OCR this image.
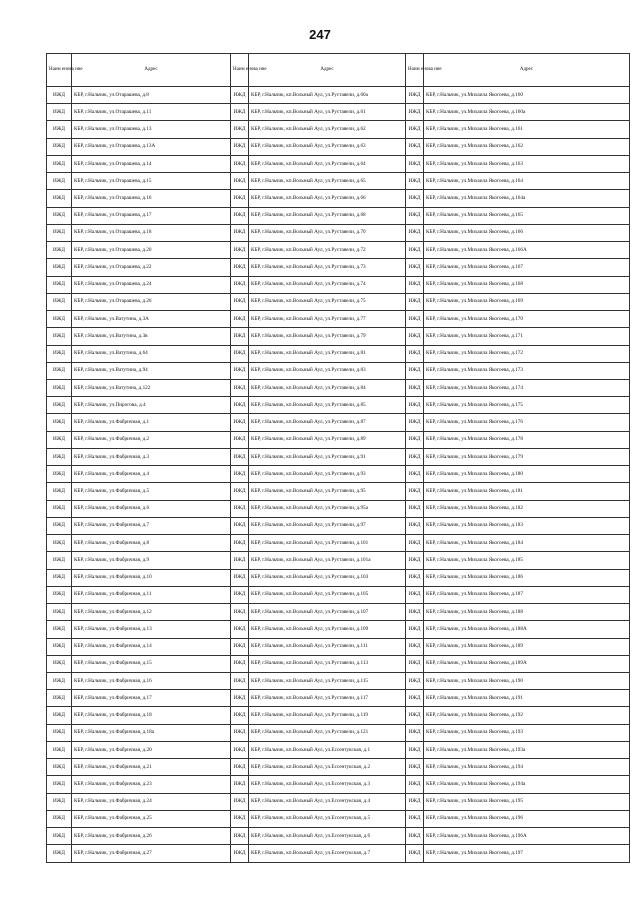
247
Наим енова ние	Адрес	Наим енова ние	Адрес	Наим енова ние	Адрес
ИЖД	КБР, г.Нальчик, ул.Отарашева, д.8	ИЖД	КБР, г.Нальчик, кп.Вольный Аул, ул.Руставели, д.60а	ИЖД	КБР, г.Нальчик, ул.Михаила Якогоева, д.160
ИЖД	КБР, г.Нальчик, ул.Отарашева, д.11	ИЖД	КБР, г.Нальчик, кп.Вольный Аул, ул.Руставели, д.61	ИЖД	КБР, г.Нальчик, ул.Михаила Якогоева, д.160а
ИЖД	КБР, г.Нальчик, ул.Отарашева, д.13	ИЖД	КБР, г.Нальчик, кп.Вольный Аул, ул.Руставели, д.62	ИЖД	КБР, г.Нальчик, ул.Михаила Якогоева, д.161
ИЖД	КБР, г.Нальчик, ул.Отарашева, д.13А	ИЖД	КБР, г.Нальчик, кп.Вольный Аул, ул.Руставели, д.63	ИЖД	КБР, г.Нальчик, ул.Михаила Якогоева, д.162
ИЖД	КБР, г.Нальчик, ул.Отарашева, д.14	ИЖД	КБР, г.Нальчик, кп.Вольный Аул, ул.Руставели, д.64	ИЖД	КБР, г.Нальчик, ул.Михаила Якогоева, д.163
ИЖД	КБР, г.Нальчик, ул.Отарашева, д.15	ИЖД	КБР, г.Нальчик, кп.Вольный Аул, ул.Руставели, д.65	ИЖД	КБР, г.Нальчик, ул.Михаила Якогоева, д.164
ИЖД	КБР, г.Нальчик, ул.Отарашева, д.16	ИЖД	КБР, г.Нальчик, кп.Вольный Аул, ул.Руставели, д.66	ИЖД	КБР, г.Нальчик, ул.Михаила Якогоева, д.164а
ИЖД	КБР, г.Нальчик, ул.Отарашева, д.17	ИЖД	КБР, г.Нальчик, кп.Вольный Аул, ул.Руставели, д.68	ИЖД	КБР, г.Нальчик, ул.Михаила Якогоева, д.165
ИЖД	КБР, г.Нальчик, ул.Отарашева, д.18	ИЖД	КБР, г.Нальчик, кп.Вольный Аул, ул.Руставели, д.70	ИЖД	КБР, г.Нальчик, ул.Михаила Якогоева, д.166
ИЖД	КБР, г.Нальчик, ул.Отарашева, д.20	ИЖД	КБР, г.Нальчик, кп.Вольный Аул, ул.Руставели, д.72	ИЖД	КБР, г.Нальчик, ул.Михаила Якогоева, д.166А
ИЖД	КБР, г.Нальчик, ул.Отарашева, д.22	ИЖД	КБР, г.Нальчик, кп.Вольный Аул, ул.Руставели, д.73	ИЖД	КБР, г.Нальчик, ул.Михаила Якогоева, д.167
ИЖД	КБР, г.Нальчик, ул.Отарашева, д.24	ИЖД	КБР, г.Нальчик, кп.Вольный Аул, ул.Руставели, д.74	ИЖД	КБР, г.Нальчик, ул.Михаила Якогоева, д.168
ИЖД	КБР, г.Нальчик, ул.Отарашева, д.26	ИЖД	КБР, г.Нальчик, кп.Вольный Аул, ул.Руставели, д.75	ИЖД	КБР, г.Нальчик, ул.Михаила Якогоева, д.169
ИЖД	КБР, г.Нальчик, ул.Ватутина, д.3А	ИЖД	КБР, г.Нальчик, кп.Вольный Аул, ул.Руставели, д.77	ИЖД	КБР, г.Нальчик, ул.Михаила Якогоева, д.170
ИЖД	КБР, г.Нальчик, ул.Ватутина, д.3в	ИЖД	КБР, г.Нальчик, кп.Вольный Аул, ул.Руставели, д.79	ИЖД	КБР, г.Нальчик, ул.Михаила Якогоева, д.171
ИЖД	КБР, г.Нальчик, ул.Ватутина, д.64	ИЖД	КБР, г.Нальчик, кп.Вольный Аул, ул.Руставели, д.81	ИЖД	КБР, г.Нальчик, ул.Михаила Якогоева, д.172
ИЖД	КБР, г.Нальчик, ул.Ватутина, д.94	ИЖД	КБР, г.Нальчик, кп.Вольный Аул, ул.Руставели, д.83	ИЖД	КБР, г.Нальчик, ул.Михаила Якогоева, д.173
ИЖД	КБР, г.Нальчик, ул.Ватутина, д.122	ИЖД	КБР, г.Нальчик, кп.Вольный Аул, ул.Руставели, д.84	ИЖД	КБР, г.Нальчик, ул.Михаила Якогоева, д.174
ИЖД	КБР, г.Нальчик, ул.Пирогова, д.4	ИЖД	КБР, г.Нальчик, кп.Вольный Аул, ул.Руставели, д.85	ИЖД	КБР, г.Нальчик, ул.Михаила Якогоева, д.175
ИЖД	КБР, г.Нальчик, ул.Фабричная, д.1	ИЖД	КБР, г.Нальчик, кп.Вольный Аул, ул.Руставели, д.87	ИЖД	КБР, г.Нальчик, ул.Михаила Якогоева, д.176
ИЖД	КБР, г.Нальчик, ул.Фабричная, д.2	ИЖД	КБР, г.Нальчик, кп.Вольный Аул, ул.Руставели, д.89	ИЖД	КБР, г.Нальчик, ул.Михаила Якогоева, д.178
ИЖД	КБР, г.Нальчик, ул.Фабричная, д.3	ИЖД	КБР, г.Нальчик, кп.Вольный Аул, ул.Руставели, д.91	ИЖД	КБР, г.Нальчик, ул.Михаила Якогоева, д.179
ИЖД	КБР, г.Нальчик, ул.Фабричная, д.4	ИЖД	КБР, г.Нальчик, кп.Вольный Аул, ул.Руставели, д.93	ИЖД	КБР, г.Нальчик, ул.Михаила Якогоева, д.180
ИЖД	КБР, г.Нальчик, ул.Фабричная, д.5	ИЖД	КБР, г.Нальчик, кп.Вольный Аул, ул.Руставели, д.95	ИЖД	КБР, г.Нальчик, ул.Михаила Якогоева, д.181
ИЖД	КБР, г.Нальчик, ул.Фабричная, д.6	ИЖД	КБР, г.Нальчик, кп.Вольный Аул, ул.Руставели, д.95а	ИЖД	КБР, г.Нальчик, ул.Михаила Якогоева, д.182
ИЖД	КБР, г.Нальчик, ул.Фабричная, д.7	ИЖД	КБР, г.Нальчик, кп.Вольный Аул, ул.Руставели, д.97	ИЖД	КБР, г.Нальчик, ул.Михаила Якогоева, д.183
ИЖД	КБР, г.Нальчик, ул.Фабричная, д.8	ИЖД	КБР, г.Нальчик, кп.Вольный Аул, ул.Руставели, д.101	ИЖД	КБР, г.Нальчик, ул.Михаила Якогоева, д.184
ИЖД	КБР, г.Нальчик, ул.Фабричная, д.9	ИЖД	КБР, г.Нальчик, кп.Вольный Аул, ул.Руставели, д.101а	ИЖД	КБР, г.Нальчик, ул.Михаила Якогоева, д.185
ИЖД	КБР, г.Нальчик, ул.Фабричная, д.10	ИЖД	КБР, г.Нальчик, кп.Вольный Аул, ул.Руставели, д.103	ИЖД	КБР, г.Нальчик, ул.Михаила Якогоева, д.186
ИЖД	КБР, г.Нальчик, ул.Фабричная, д.11	ИЖД	КБР, г.Нальчик, кп.Вольный Аул, ул.Руставели, д.105	ИЖД	КБР, г.Нальчик, ул.Михаила Якогоева, д.187
ИЖД	КБР, г.Нальчик, ул.Фабричная, д.12	ИЖД	КБР, г.Нальчик, кп.Вольный Аул, ул.Руставели, д.107	ИЖД	КБР, г.Нальчик, ул.Михаила Якогоева, д.188
ИЖД	КБР, г.Нальчик, ул.Фабричная, д.13	ИЖД	КБР, г.Нальчик, кп.Вольный Аул, ул.Руставели, д.109	ИЖД	КБР, г.Нальчик, ул.Михаила Якогоева, д.188А
ИЖД	КБР, г.Нальчик, ул.Фабричная, д.14	ИЖД	КБР, г.Нальчик, кп.Вольный Аул, ул.Руставели, д.111	ИЖД	КБР, г.Нальчик, ул.Михаила Якогоева, д.189
ИЖД	КБР, г.Нальчик, ул.Фабричная, д.15	ИЖД	КБР, г.Нальчик, кп.Вольный Аул, ул.Руставели, д.113	ИЖД	КБР, г.Нальчик, ул.Михаила Якогоева, д.189А
ИЖД	КБР, г.Нальчик, ул.Фабричная, д.16	ИЖД	КБР, г.Нальчик, кп.Вольный Аул, ул.Руставели, д.115	ИЖД	КБР, г.Нальчик, ул.Михаила Якогоева, д.190
ИЖД	КБР, г.Нальчик, ул.Фабричная, д.17	ИЖД	КБР, г.Нальчик, кп.Вольный Аул, ул.Руставели, д.117	ИЖД	КБР, г.Нальчик, ул.Михаила Якогоева, д.191
ИЖД	КБР, г.Нальчик, ул.Фабричная, д.18	ИЖД	КБР, г.Нальчик, кп.Вольный Аул, ул.Руставели, д.119	ИЖД	КБР, г.Нальчик, ул.Михаила Якогоева, д.192
ИЖД	КБР, г.Нальчик, ул.Фабричная, д.18а	ИЖД	КБР, г.Нальчик, кп.Вольный Аул, ул.Руставели, д.121	ИЖД	КБР, г.Нальчик, ул.Михаила Якогоева, д.193
ИЖД	КБР, г.Нальчик, ул.Фабричная, д.20	ИЖД	КБР, г.Нальчик, кп.Вольный Аул, ул.Ессентукская, д.1	ИЖД	КБР, г.Нальчик, ул.Михаила Якогоева, д.193а
ИЖД	КБР, г.Нальчик, ул.Фабричная, д.21	ИЖД	КБР, г.Нальчик, кп.Вольный Аул, ул.Ессентукская, д.2	ИЖД	КБР, г.Нальчик, ул.Михаила Якогоева, д.194
ИЖД	КБР, г.Нальчик, ул.Фабричная, д.23	ИЖД	КБР, г.Нальчик, кп.Вольный Аул, ул.Ессентукская, д.3	ИЖД	КБР, г.Нальчик, ул.Михаила Якогоева, д.194а
ИЖД	КБР, г.Нальчик, ул.Фабричная, д.24	ИЖД	КБР, г.Нальчик, кп.Вольный Аул, ул.Ессентукская, д.4	ИЖД	КБР, г.Нальчик, ул.Михаила Якогоева, д.195
ИЖД	КБР, г.Нальчик, ул.Фабричная, д.25	ИЖД	КБР, г.Нальчик, кп.Вольный Аул, ул.Ессентукская, д.5	ИЖД	КБР, г.Нальчик, ул.Михаила Якогоева, д.196
ИЖД	КБР, г.Нальчик, ул.Фабричная, д.26	ИЖД	КБР, г.Нальчик, кп.Вольный Аул, ул.Ессентукская, д.6	ИЖД	КБР, г.Нальчик, ул.Михаила Якогоева, д.196А
ИЖД	КБР, г.Нальчик, ул.Фабричная, д.27	ИЖД	КБР, г.Нальчик, кп.Вольный Аул, ул.Ессентукская, д.7	ИЖД	КБР, г.Нальчик, ул.Михаила Якогоева, д.197
